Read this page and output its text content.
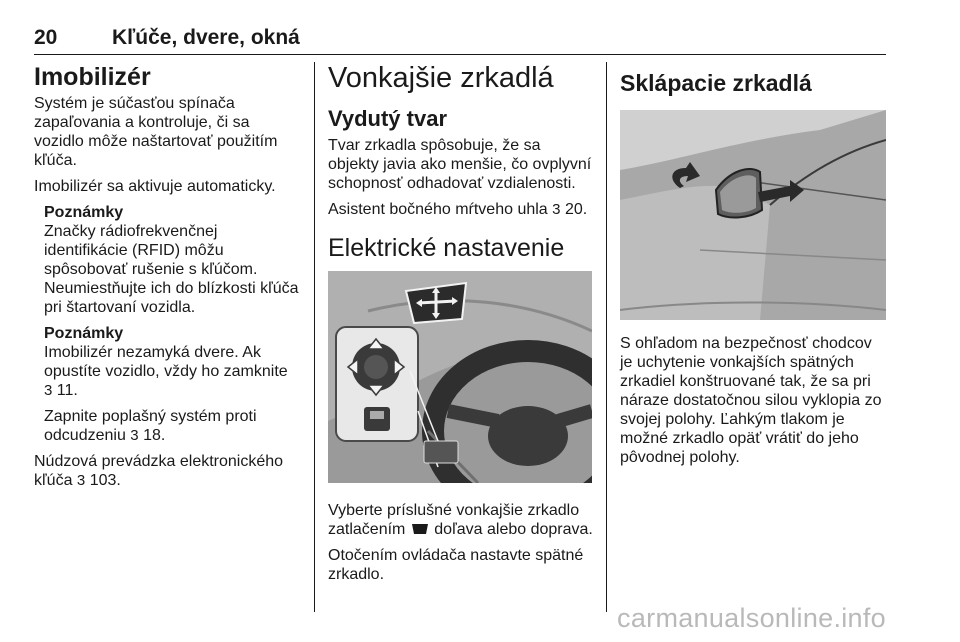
20	Kľúče, dvere, okná
Imobilizér

Systém je súčasťou spínača zapaľovania a kontroluje, či sa vozidlo môže naštartovať použitím kľúča.

Imobilizér sa aktivuje automaticky.

Poznámky

Značky rádiofrekvenčnej identifikácie (RFID) môžu spôsobovať rušenie s kľúčom. Neumiestňujte ich do blízkosti kľúča pri štartovaní vozidla.

Poznámky

Imobilizér nezamyká dvere. Ak opustíte vozidlo, vždy ho zamknite 3 11.

Zapnite poplašný systém proti odcudzeniu 3 18.

Núdzová prevádzka elektronického kľúča 3 103.

Vonkajšie zrkadlá
Vydutý tvar

Tvar zrkadla spôsobuje, že sa objekty javia ako menšie, čo ovplyvní schopnosť odhadovať vzdialenosti.

Asistent bočného mŕtveho uhla 3 20.

Elektrické nastavenie

Vyberte príslušné vonkajšie zrkadlo zatlačením doľava alebo doprava.

Otočením ovládača nastavte spätné zrkadlo.

Sklápacie zrkadlá

S ohľadom na bezpečnosť chodcov je uchytenie vonkajších spätných zrkadiel konštruované tak, že sa pri náraze dostatočnou silou vyklopia zo svojej polohy. Ľahkým tlakom je možné zrkadlo opäť vrátiť do jeho pôvodnej polohy.

carmanualsonline.info
